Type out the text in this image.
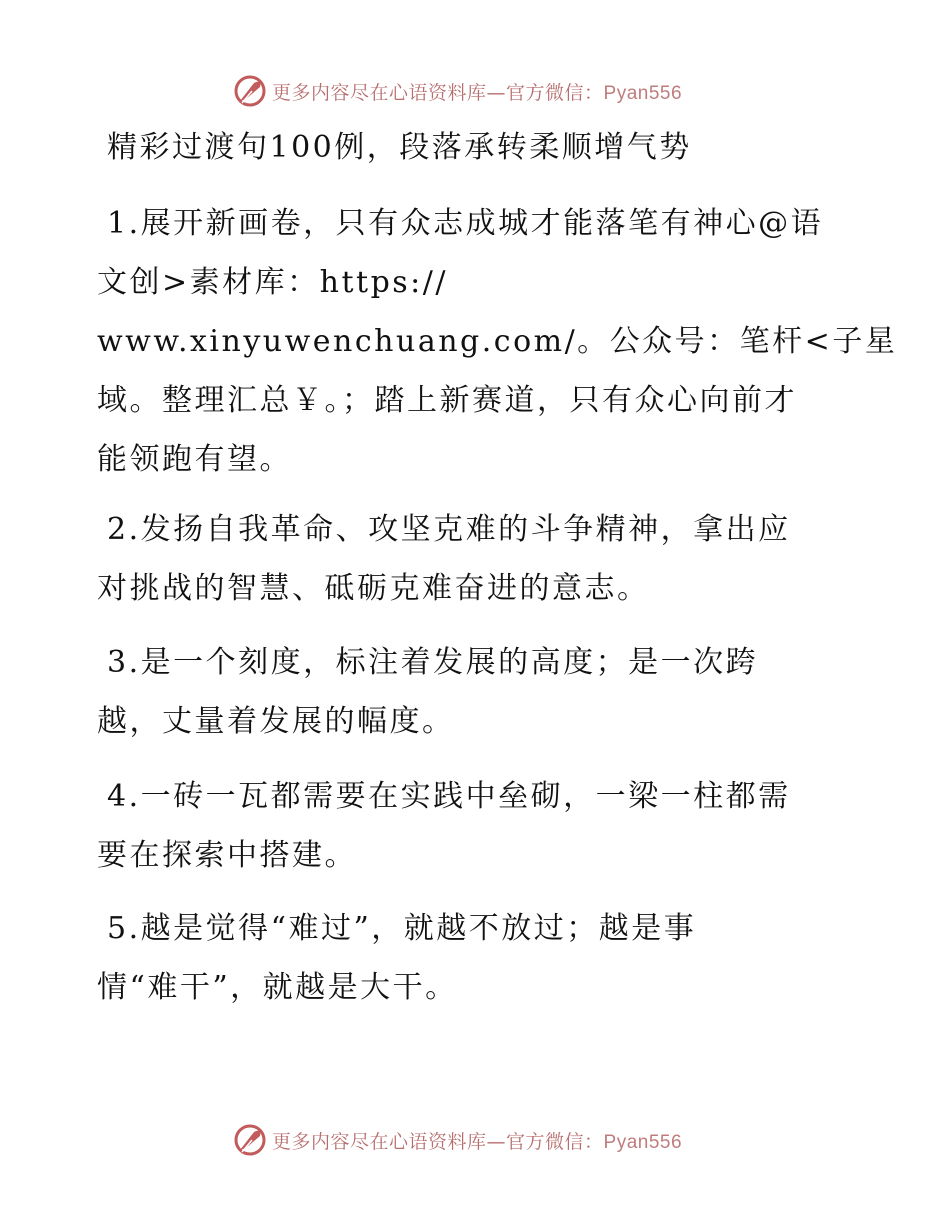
更多内容尽在心语资料库—官方微信：Pyan556
精彩过渡句100例，段落承转柔顺增气势
1.展开新画卷，只有众志成城才能落笔有神心@语
文创>素材库：https://
www.xinyuwenchuang.com/。公众号：笔杆<子星
域。整理汇总￥。；踏上新赛道，只有众心向前才
能领跑有望。
2.发扬自我革命、攻坚克难的斗争精神，拿出应
对挑战的智慧、砥砺克难奋进的意志。
3.是一个刻度，标注着发展的高度；是一次跨
越，丈量着发展的幅度。
4.一砖一瓦都需要在实践中垒砌，一梁一柱都需
要在探索中搭建。
5.越是觉得“难过”，就越不放过；越是事
情“难干”，就越是大干。
更多内容尽在心语资料库—官方微信：Pyan556
